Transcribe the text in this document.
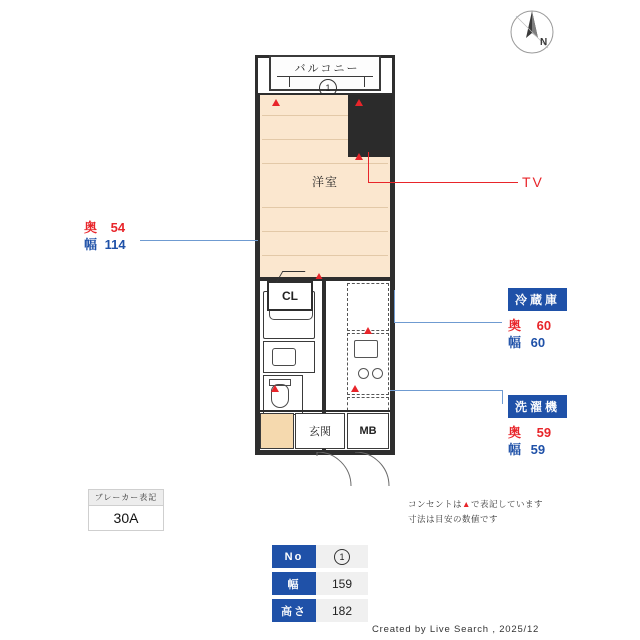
N
バルコニー
1
洋室
CL
玄関	MB
TV
奥 54
幅 114
冷蔵庫
奥 60
幅 60
洗濯機
奥 59
幅 59
ブレーカー表記
30A
コンセントは▲で表記しています
寸法は目安の数値です
No	1
幅	159
高さ	182
Created by Live Search , 2025/12
